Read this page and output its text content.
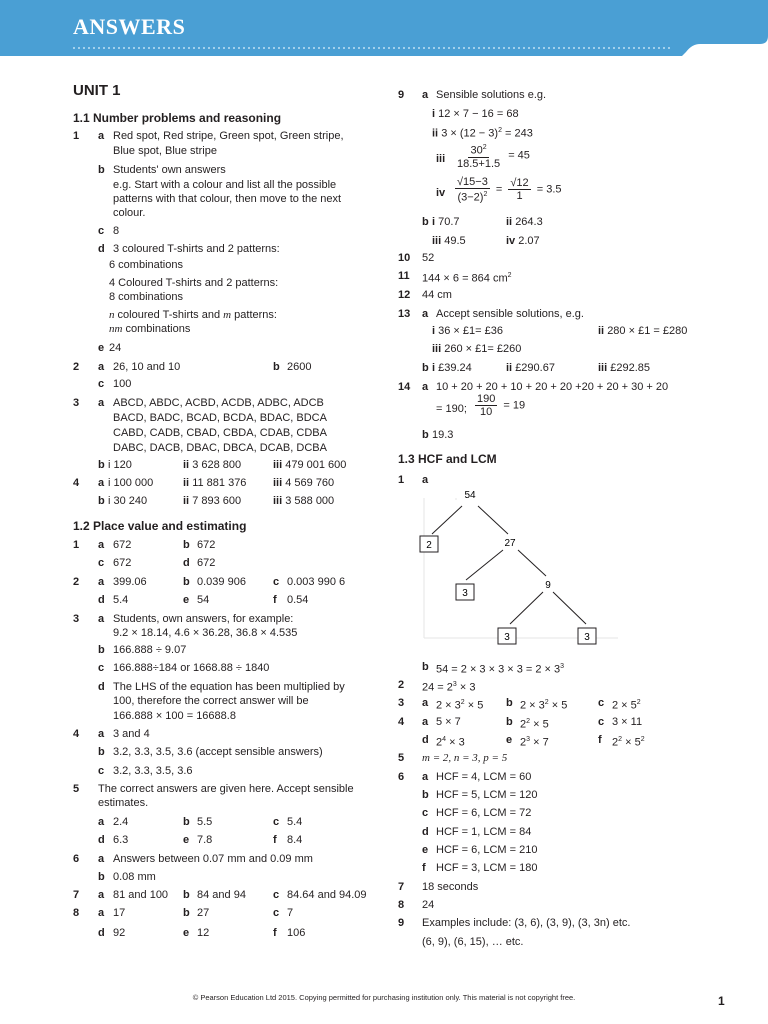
ANSWERS
UNIT 1
1.1 Number problems and reasoning
1 a Red spot, Red stripe, Green spot, Green stripe,
Blue spot, Blue stripe
b Students' own answers
e.g. Start with a colour and list all the possible
patterns with that colour, then move to the next
colour.
c 8
d 3 coloured T-shirts and 2 patterns:
6 combinations
4 Coloured T-shirts and 2 patterns:
8 combinations
n coloured T-shirts and m patterns:
nm combinations
e 24
2 a 26, 10 and 10	b 2600
c 100
3 a ABCD, ABDC, ACBD, ACDB, ADBC, ADCB
BACD, BADC, BCAD, BCDA, BDAC, BDCA
CABD, CADB, CBAD, CBDA, CDAB, CDBA
DABC, DACB, DBAC, DBCA, DCAB, DCBA
b i 120	ii 3 628 800	iii 479 001 600
4 a i 100 000	ii 11 881 376 iii 4 569 760
b i 30 240	ii 7 893 600	iii 3 588 000
1.2 Place value and estimating
1 a 672	b 672
c 672	d 672
2 a 399.06	b 0.039 906 c 0.003 990 6
d 5.4	e 54	f 0.54
3 a Students, own answers, for example:
9.2 × 18.14, 4.6 × 36.28, 36.8 × 4.535
b 166.888 ÷ 9.07
c 166.888÷184 or 1668.88 ÷ 1840
d The LHS of the equation has been multiplied by
100, therefore the correct answer will be
166.888 × 100 = 16688.8
4 a 3 and 4
b 3.2, 3.3, 3.5, 3.6 (accept sensible answers)
c 3.2, 3.3, 3.5, 3.6
5 The correct answers are given here. Accept sensible
estimates.
a 2.4	b 5.5	c 5.4
d 6.3	e 7.8	f 8.4
6 a Answers between 0.07 mm and 0.09 mm
b 0.08 mm
7 a 81 and 100 b 84 and 94 c 84.64 and 94.09
8 a 17	b 27	c 7
d 92	e 12	f 106
9 a Sensible solutions e.g.
i 12 × 7 − 16 = 68
ii $3 \times (12 - 3)^2 = 243$
iii $\frac{30^2}{18.5+1.5} = 45$
iv $\frac{√15-3}{(3-2)^2} = \frac{√12}{1} = 3.5$
b i 70.7	ii 264.3
iii 49.5	iv 2.07
10 52
11 144 × 6 = 864 $cm^2$
12 44 cm
13 a Accept sensible solutions, e.g.
i 36 × £1= £36	ii 280 × £1 = £280
iii 260 × £1= £260
b i £39.24	ii £290.67	iii £292.85
14 a 10 + 20 + 20 + 10 + 20 + 20 +20 + 20 + 30 + 20
= 190; $\frac{190}{10} = 19$
b 19.3
1.3 HCF and LCM
1 a
54
2	27
3
9
3	3
b $54 = 2 \times 3 \times 3 \times 3 = 2 \times 3^3$
2 $24 = 2^3 \times 3$
3 a $2 \times 3^2 \times 5$ b $2 \times 3^2 \times 5$	c $2 \times 5^2$
4 a 5 × 7	b $2^2 \times 5$	c 3 × 11
d $2^4 \times 3$	e $2^3 \times 7$	f $2^2 \times 5^2$
5 m = 2, n = 3, p = 5
6 a HCF = 4, LCM = 60
b HCF = 5, LCM = 120
c HCF = 6, LCM = 72
d HCF = 1, LCM = 84
e HCF = 6, LCM = 210
f HCF = 3, LCM = 180
7 18 seconds
8 24
9 Examples include: (3, 6), (3, 9), (3, 3n) etc.
(6, 9), (6, 15), … etc.
© Pearson Education Ltd 2015. Copying permitted for purchasing institution only. This material is not copyright free.	1
